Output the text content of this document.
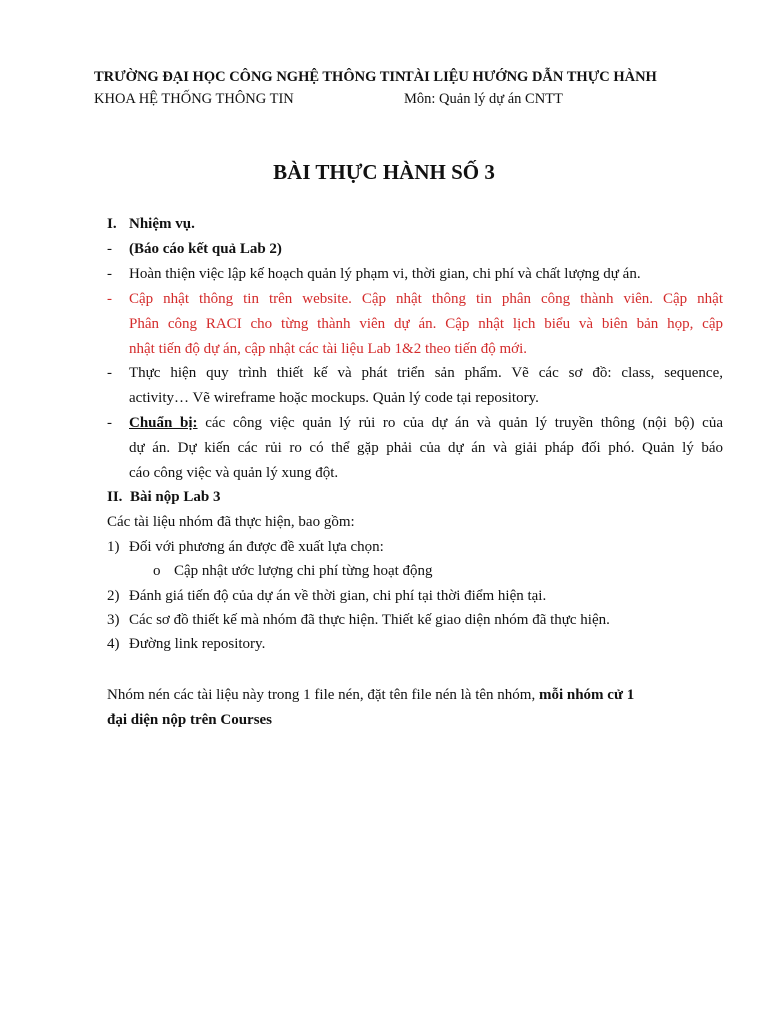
TRƯỜNG ĐẠI HỌC CÔNG NGHỆ THÔNG TIN
KHOA HỆ THỐNG THÔNG TIN
TÀI LIỆU HƯỚNG DẪN THỰC HÀNH
Môn: Quản lý dự án CNTT
BÀI THỰC HÀNH SỐ 3
I. Nhiệm vụ.
- (Báo cáo kết quả Lab 2)
- Hoàn thiện việc lập kế hoạch quản lý phạm vi, thời gian, chi phí và chất lượng dự án.
- Cập nhật thông tin trên website. Cập nhật thông tin phân công thành viên. Cập nhật
Phân công RACI cho từng thành viên dự án. Cập nhật lịch biểu và biên bản họp, cập
nhật tiến độ dự án, cập nhật các tài liệu Lab 1&2 theo tiến độ mới.
- Thực hiện quy trình thiết kế và phát triển sản phẩm. Vẽ các sơ đồ: class, sequence,
activity… Vẽ wireframe hoặc mockups. Quản lý code tại repository.
- Chuẩn bị: các công việc quản lý rủi ro của dự án và quản lý truyền thông (nội bộ) của
dự án. Dự kiến các rủi ro có thể gặp phải của dự án và giải pháp đối phó. Quản lý báo
cáo công việc và quản lý xung đột.
II. Bài nộp Lab 3
Các tài liệu nhóm đã thực hiện, bao gồm:
1) Đối với phương án được đề xuất lựa chọn:
o Cập nhật ước lượng chi phí từng hoạt động
2) Đánh giá tiến độ của dự án về thời gian, chi phí tại thời điểm hiện tại.
3) Các sơ đồ thiết kế mà nhóm đã thực hiện. Thiết kế giao diện nhóm đã thực hiện.
4) Đường link repository.
Nhóm nén các tài liệu này trong 1 file nén, đặt tên file nén là tên nhóm, mỗi nhóm cử 1
đại diện nộp trên Courses
